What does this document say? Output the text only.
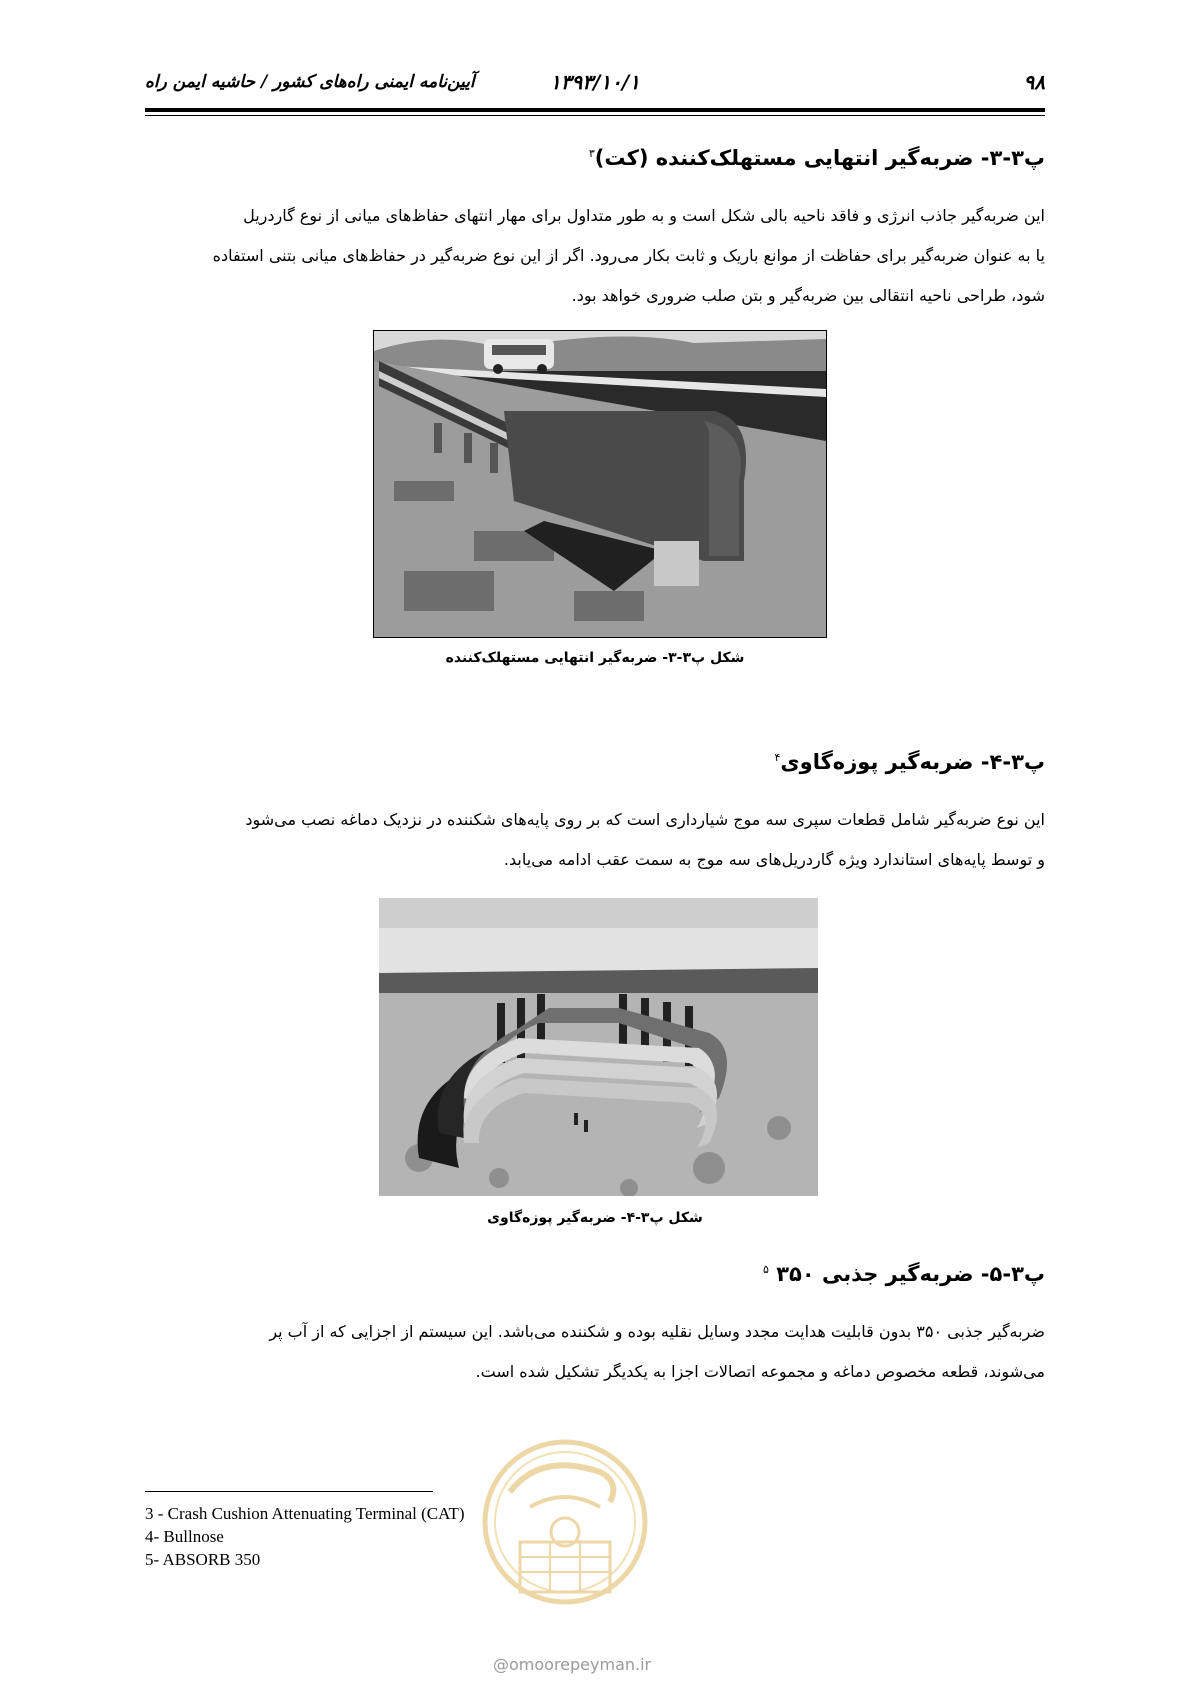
۹۸
۱۳۹۳/۱۰/۱
آیین‌نامه ایمنی راه‌های کشور / حاشیه ایمن راه
پ۳-۳- ضربه‌گیر انتهایی مستهلک‌کننده (کت)$^۳$
این ضربه‌گیر جاذب انرژی و فاقد ناحیه بالی شکل است و به طور متداول برای مهار انتهای حفاظ‌های میانی از نوع گاردریل
یا به عنوان ضربه‌گیر برای حفاظت از موانع باریک و ثابت بکار می‌رود. اگر از این نوع ضربه‌گیر در حفاظ‌های میانی بتنی استفاده
شود، طراحی ناحیه انتقالی بین ضربه‌گیر و بتن صلب ضروری خواهد بود.
شکل پ۳-۳- ضربه‌گیر انتهایی مستهلک‌کننده
پ۳-۴- ضربه‌گیر پوزه‌گاوی$^۴$
این نوع ضربه‌گیر شامل قطعات سپری سه موج شیارداری است که بر روی پایه‌های شکننده در نزدیک دماغه نصب می‌شود
و توسط پایه‌های استاندارد ویژه گاردریل‌های سه موج به سمت عقب ادامه می‌یابد.
شکل پ۳-۴- ضربه‌گیر پوزه‌گاوی
پ۳-۵- ضربه‌گیر جذبی ۳۵۰ $^۵$
ضربه‌گیر جذبی ۳۵۰ بدون قابلیت هدایت مجدد وسایل نقلیه بوده و شکننده می‌باشد. این سیستم از اجزایی که از آب پر
می‌شوند، قطعه مخصوص دماغه و مجموعه اتصالات اجزا به یکدیگر تشکیل شده است.
3 - Crash Cushion Attenuating Terminal (CAT)
4- Bullnose
5- ABSORB 350
@omoorepeyman.ir
